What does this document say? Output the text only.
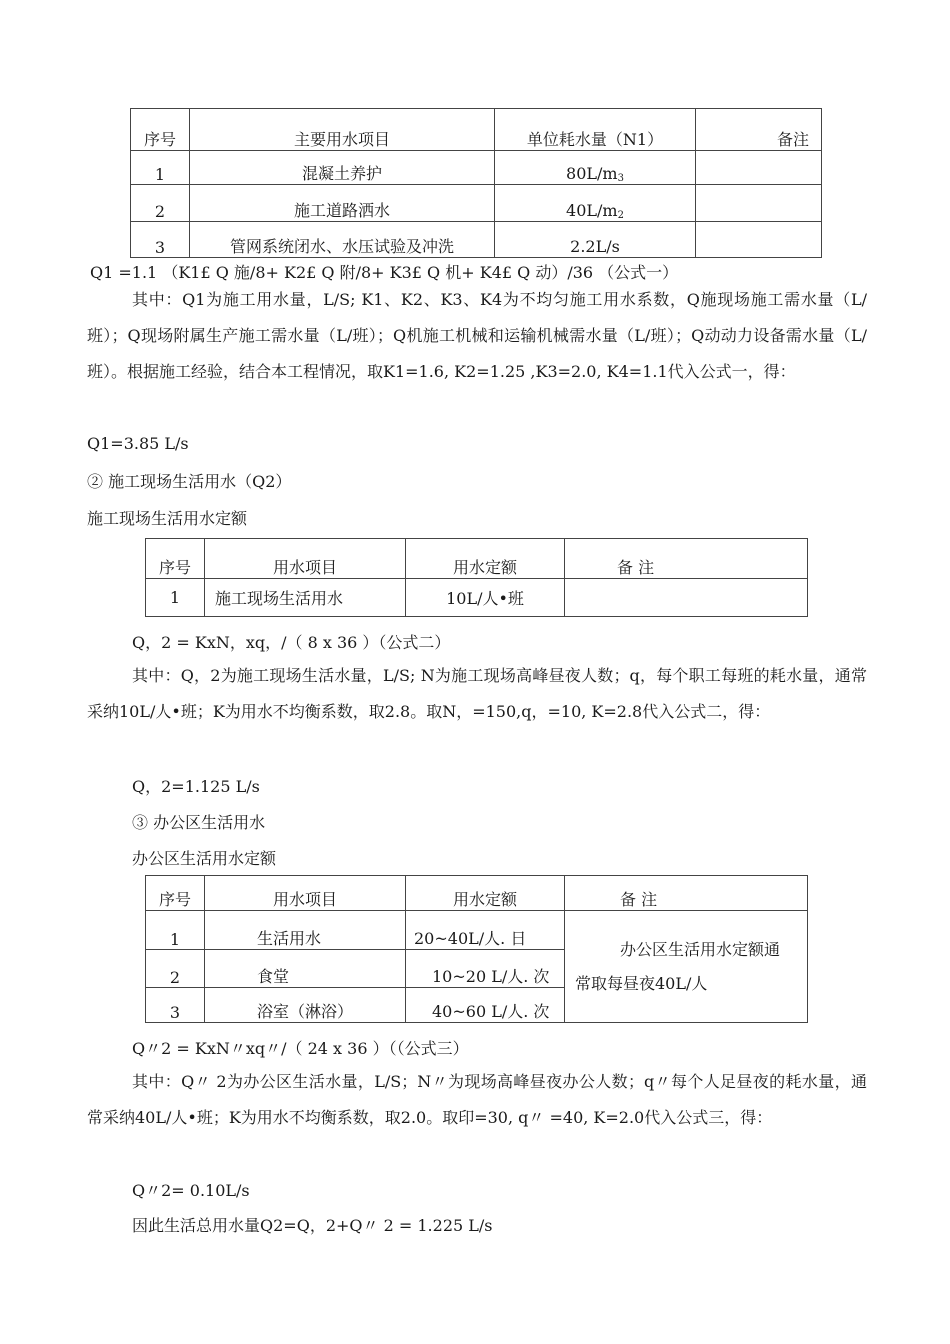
序号	主要用水项目	单位耗水量（N1）	备注
1	混凝土养护	$80L/m_3$	
2	施工道路洒水	$40L/m_2$	
3	管网系统闭水、水压试验及冲洗	2.2L/s	
Q1 =1.1 （K1£ Q 施/8+ K2£ Q 附/8+ K3£ Q 机+ K4£ Q 动）/36 （公式一）
其中：Q1为施工用水量，L/S; K1、K2、K3、K4为不均匀施工用水系数，Q施现场施工需水量（L/班）；Q现场附属生产施工需水量（L/班）；Q机施工机械和运输机械需水量（L/班）；Q动动力设备需水量（L/班）。根据施工经验，结合本工程情况，取K1=1.6, K2=1.25 ,K3=2.0, K4=1.1代入公式一，得：
Q1=3.85 L/s
② 施工现场生活用水（Q2）
施工现场生活用水定额
序号	用水项目	用水定额	备 注
1	施工现场生活用水	10L/人•班	
Q，2 = KxN，xq，/（ 8 x 36 ）（公式二）
其中：Q，2为施工现场生活水量，L/S; N为施工现场高峰昼夜人数；q，每个职工每班的耗水量，通常采纳10L/人•班；K为用水不均衡系数，取2.8。取N，=150,q，=10, K=2.8代入公式二，得：
Q，2=1.125 L/s
③ 办公区生活用水
办公区生活用水定额
序号	用水项目	用水定额	备 注
1	生活用水	20~40L/人. 日	办公区生活用水定额通
常取每昼夜40L/人

2	食堂	10~20 L/人. 次	
3	浴室（淋浴）	40~60 L/人. 次	
Q〃2 = KxN〃xq〃/（ 24 x 36 ）（（公式三）
其中：Q〃 2为办公区生活水量，L/S；N〃为现场高峰昼夜办公人数；q〃每个人足昼夜的耗水量，通常采纳40L/人•班；K为用水不均衡系数，取2.0。取印=30, q〃 =40, K=2.0代入公式三，得：
Q〃2= 0.10L/s
因此生活总用水量Q2=Q，2+Q〃 2 = 1.225 L/s
